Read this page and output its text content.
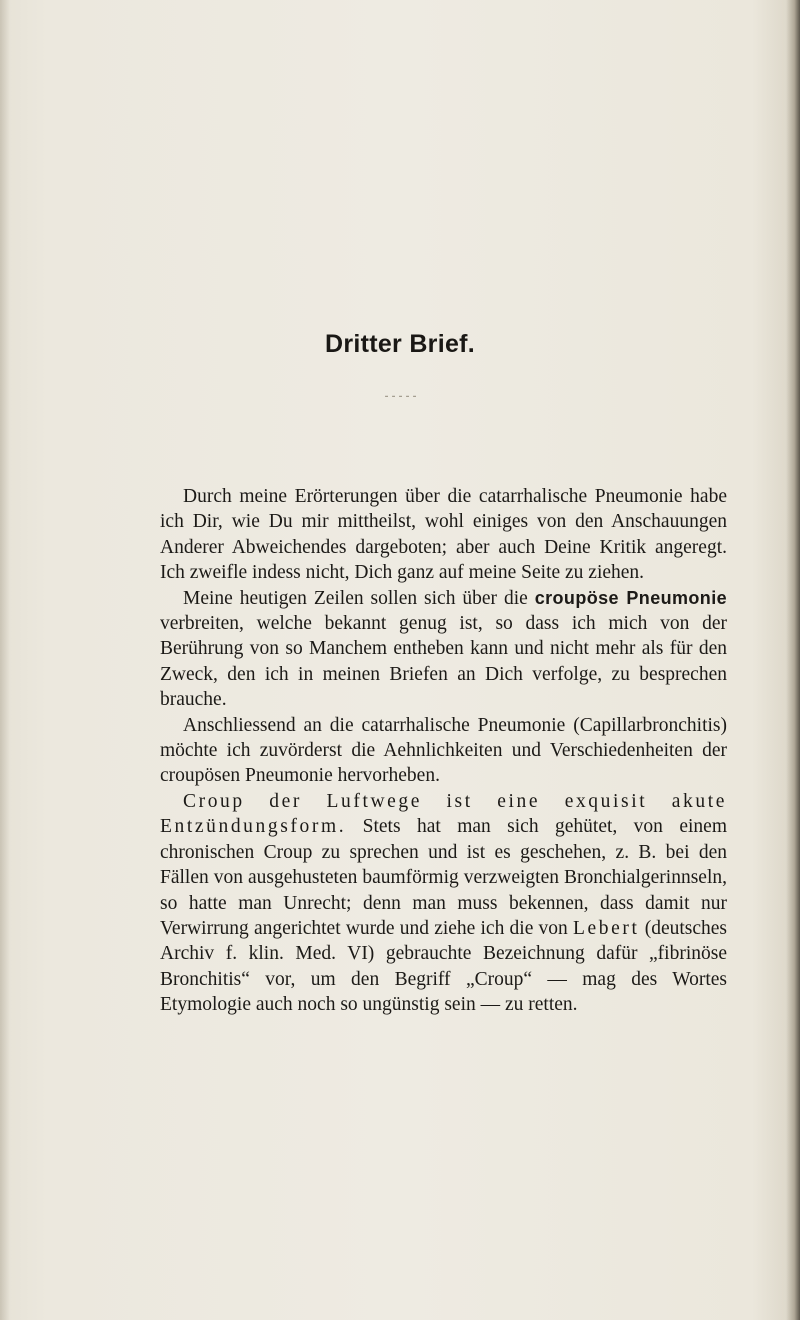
Dritter Brief.
⁃⁃⁃⁃⁃

Durch meine Erörterungen über die catarrhalische Pneumonie habe ich Dir, wie Du mir mittheilst, wohl einiges von den Anschauungen Anderer Abweichendes dargeboten; aber auch Deine Kritik angeregt. Ich zweifle indess nicht, Dich ganz auf meine Seite zu ziehen.

Meine heutigen Zeilen sollen sich über die croupöse Pneumonie verbreiten, welche bekannt genug ist, so dass ich mich von der Berührung von so Manchem entheben kann und nicht mehr als für den Zweck, den ich in meinen Briefen an Dich verfolge, zu besprechen brauche.

Anschliessend an die catarrhalische Pneumonie (Capillarbronchitis) möchte ich zuvörderst die Aehnlichkeiten und Verschiedenheiten der croupösen Pneumonie hervorheben.

Croup der Luftwege ist eine exquisit akute Entzündungsform. Stets hat man sich gehütet, von einem chronischen Croup zu sprechen und ist es geschehen, z. B. bei den Fällen von ausgehusteten baumförmig verzweigten Bronchialgerinnseln, so hatte man Unrecht; denn man muss bekennen, dass damit nur Verwirrung angerichtet wurde und ziehe ich die von Lebert (deutsches Archiv f. klin. Med. VI) gebrauchte Bezeichnung dafür „fibrinöse Bronchitis“ vor, um den Begriff „Croup“ — mag des Wortes Etymologie auch noch so ungünstig sein — zu retten.
